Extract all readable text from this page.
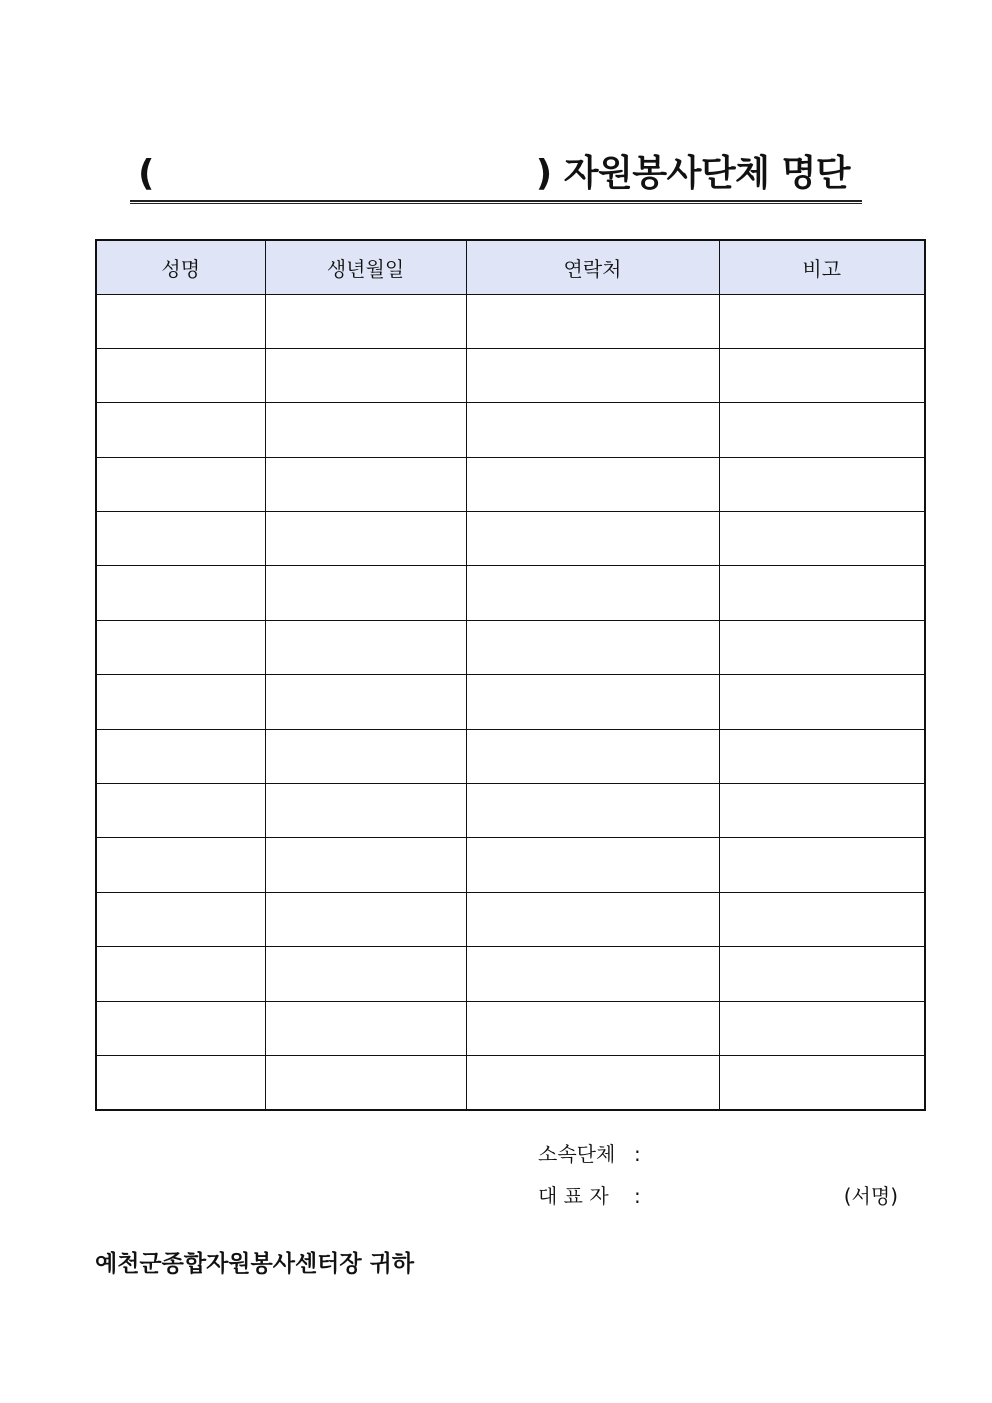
(	) 자원봉사단체 명단
성명	생년월일	연락처	비고

소속단체 :
대 표 자 :	(서명)
예천군종합자원봉사센터장 귀하
